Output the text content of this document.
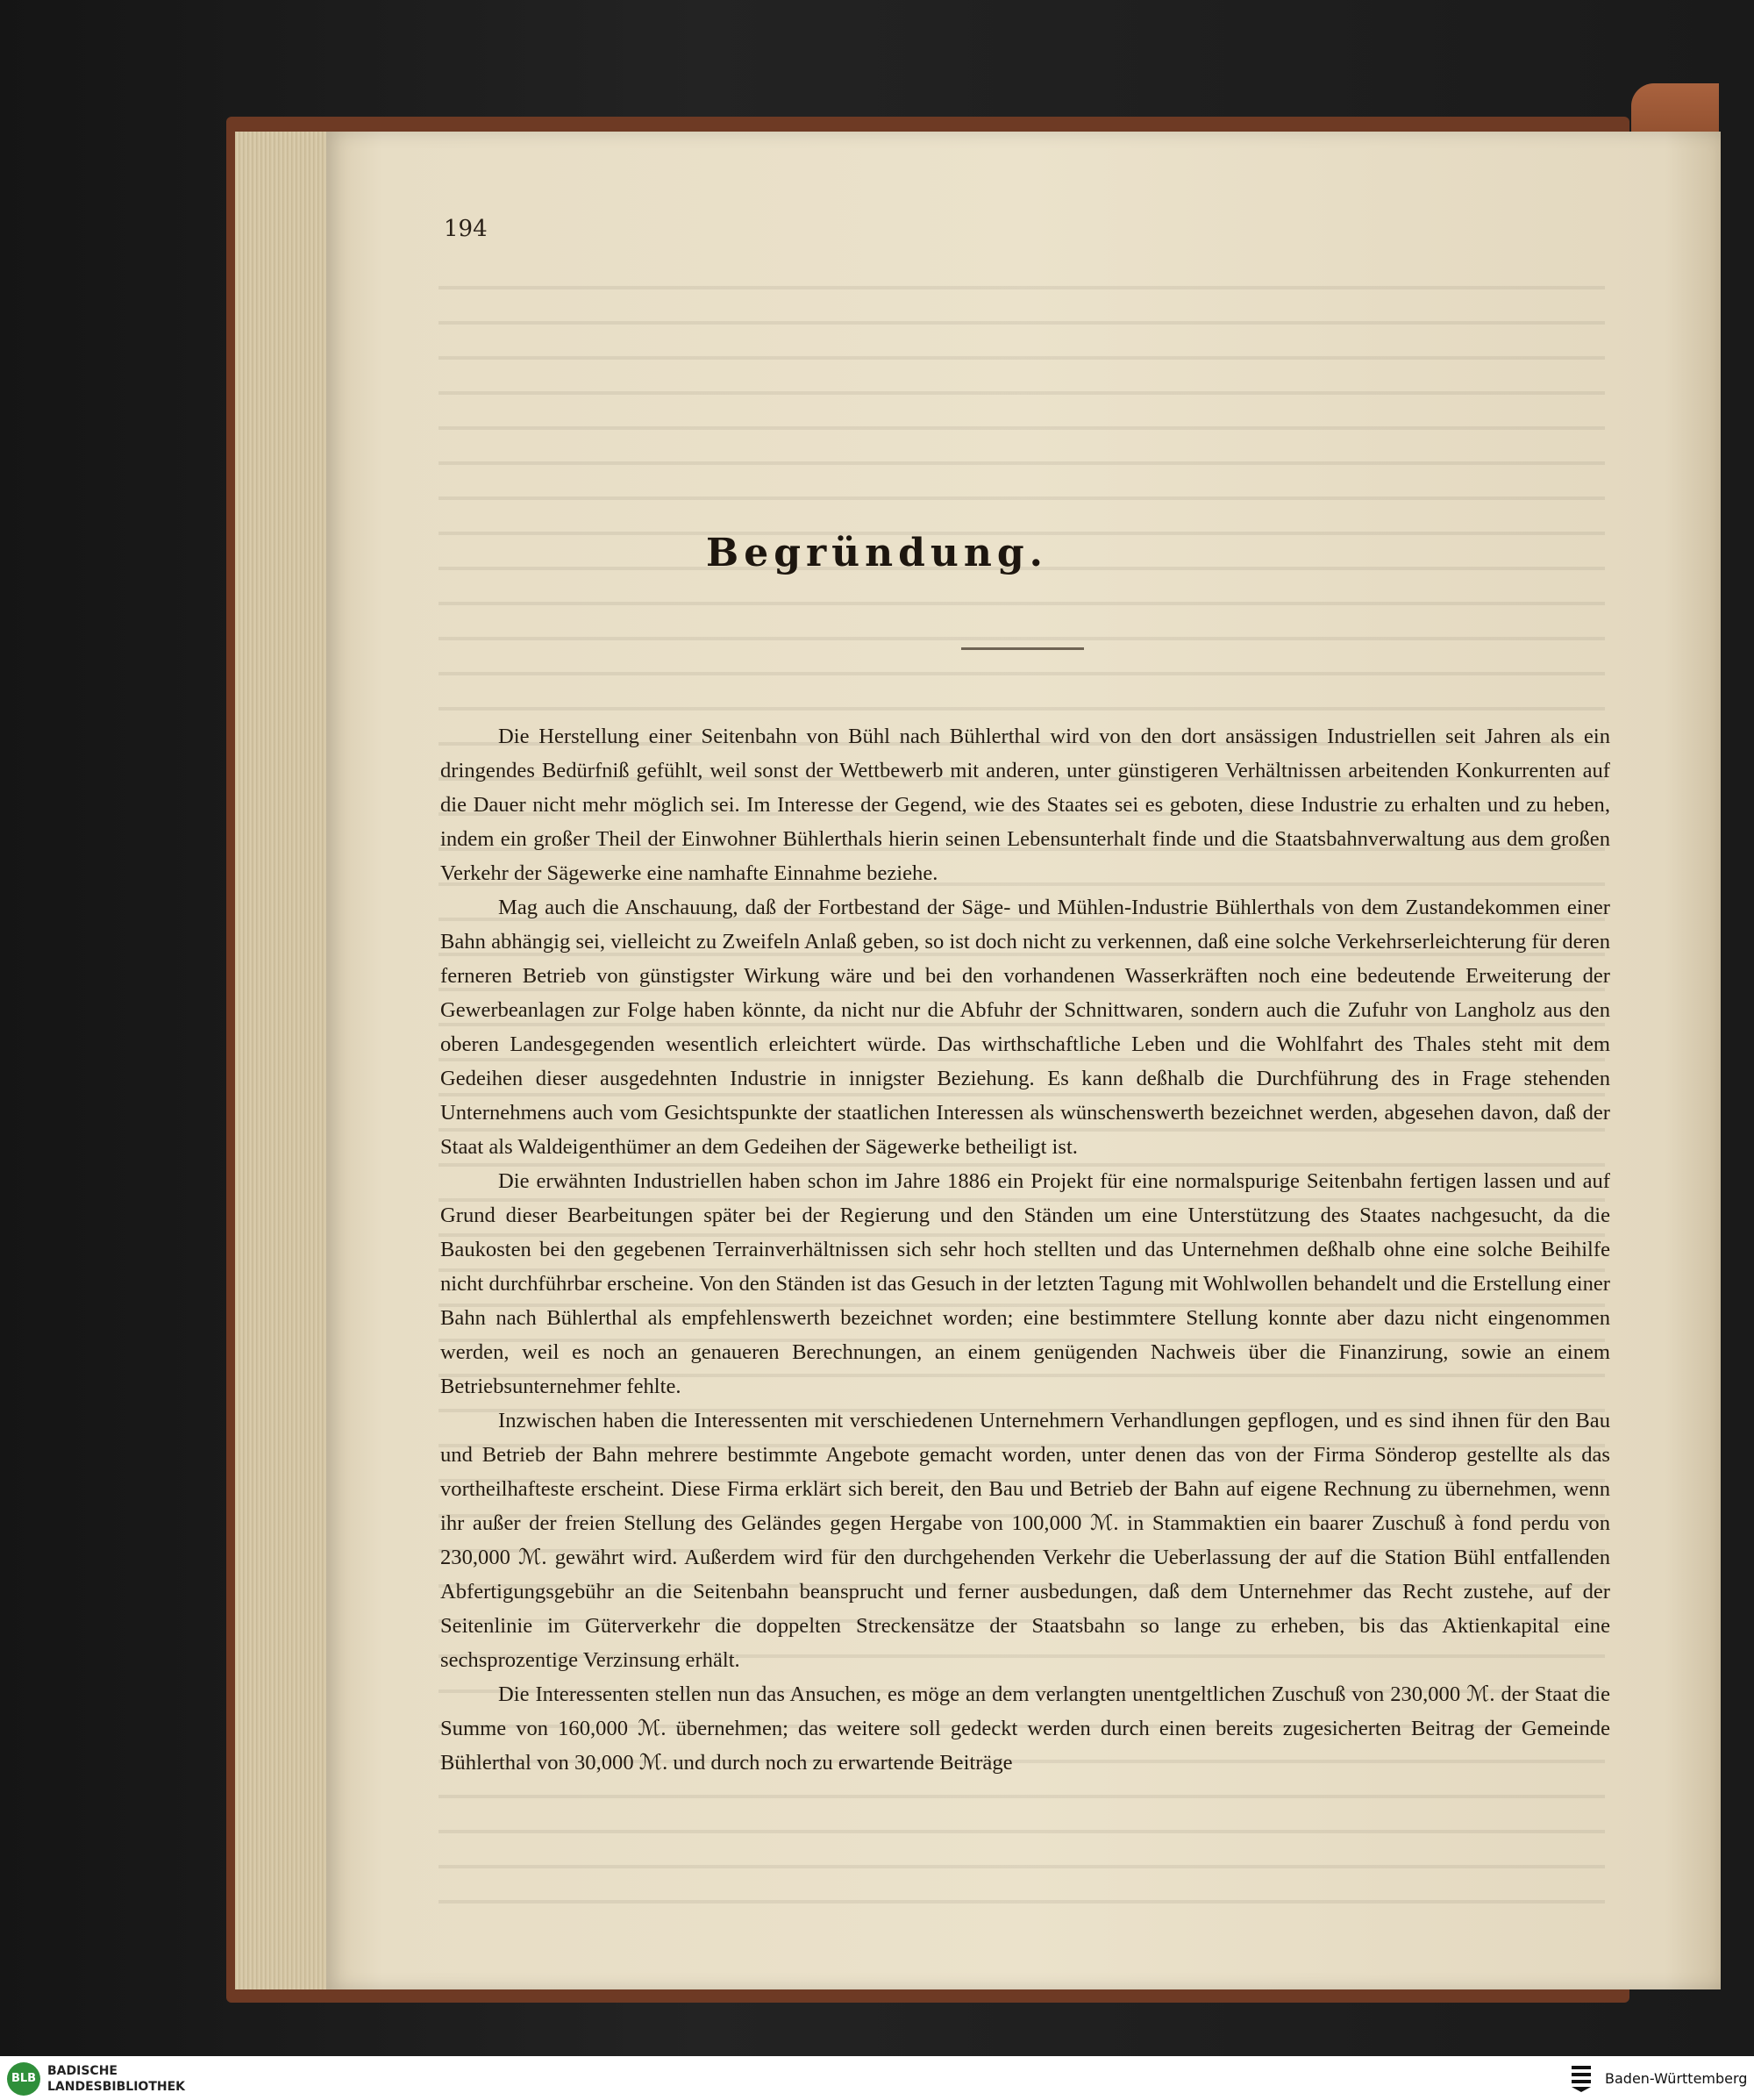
194
Begründung.

Die Herstellung einer Seitenbahn von Bühl nach Bühlerthal wird von den dort ansässigen Industriellen seit Jahren als ein dringendes Bedürfniß gefühlt, weil sonst der Wettbewerb mit anderen, unter günstigeren Verhältnissen arbeitenden Konkurrenten auf die Dauer nicht mehr möglich sei. Im Interesse der Gegend, wie des Staates sei es geboten, diese Industrie zu erhalten und zu heben, indem ein großer Theil der Einwohner Bühlerthals hierin seinen Lebensunterhalt finde und die Staatsbahnverwaltung aus dem großen Verkehr der Sägewerke eine namhafte Einnahme beziehe.

Mag auch die Anschauung, daß der Fortbestand der Säge- und Mühlen-Industrie Bühlerthals von dem Zustandekommen einer Bahn abhängig sei, vielleicht zu Zweifeln Anlaß geben, so ist doch nicht zu verkennen, daß eine solche Verkehrserleichterung für deren ferneren Betrieb von günstigster Wirkung wäre und bei den vorhandenen Wasserkräften noch eine bedeutende Erweiterung der Gewerbeanlagen zur Folge haben könnte, da nicht nur die Abfuhr der Schnittwaren, sondern auch die Zufuhr von Langholz aus den oberen Landesgegenden wesentlich erleichtert würde. Das wirthschaftliche Leben und die Wohlfahrt des Thales steht mit dem Gedeihen dieser ausgedehnten Industrie in innigster Beziehung. Es kann deßhalb die Durchführung des in Frage stehenden Unternehmens auch vom Gesichtspunkte der staatlichen Interessen als wünschenswerth bezeichnet werden, abgesehen davon, daß der Staat als Waldeigenthümer an dem Gedeihen der Sägewerke betheiligt ist.

Die erwähnten Industriellen haben schon im Jahre 1886 ein Projekt für eine normalspurige Seitenbahn fertigen lassen und auf Grund dieser Bearbeitungen später bei der Regierung und den Ständen um eine Unterstützung des Staates nachgesucht, da die Baukosten bei den gegebenen Terrainverhältnissen sich sehr hoch stellten und das Unternehmen deßhalb ohne eine solche Beihilfe nicht durchführbar erscheine. Von den Ständen ist das Gesuch in der letzten Tagung mit Wohlwollen behandelt und die Erstellung einer Bahn nach Bühlerthal als empfehlenswerth bezeichnet worden; eine bestimmtere Stellung konnte aber dazu nicht eingenommen werden, weil es noch an genaueren Berechnungen, an einem genügenden Nachweis über die Finanzirung, sowie an einem Betriebsunternehmer fehlte.

Inzwischen haben die Interessenten mit verschiedenen Unternehmern Verhandlungen gepflogen, und es sind ihnen für den Bau und Betrieb der Bahn mehrere bestimmte Angebote gemacht worden, unter denen das von der Firma Sönderop gestellte als das vortheilhafteste erscheint. Diese Firma erklärt sich bereit, den Bau und Betrieb der Bahn auf eigene Rechnung zu übernehmen, wenn ihr außer der freien Stellung des Geländes gegen Hergabe von 100,000 ℳ. in Stammaktien ein baarer Zuschuß à fond perdu von 230,000 ℳ. gewährt wird. Außerdem wird für den durchgehenden Verkehr die Ueberlassung der auf die Station Bühl entfallenden Abfertigungsgebühr an die Seitenbahn beansprucht und ferner ausbedungen, daß dem Unternehmer das Recht zustehe, auf der Seitenlinie im Güterverkehr die doppelten Streckensätze der Staatsbahn so lange zu erheben, bis das Aktienkapital eine sechsprozentige Verzinsung erhält.

Die Interessenten stellen nun das Ansuchen, es möge an dem verlangten unentgeltlichen Zuschuß von 230,000 ℳ. der Staat die Summe von 160,000 ℳ. übernehmen; das weitere soll gedeckt werden durch einen bereits zugesicherten Beitrag der Gemeinde Bühlerthal von 30,000 ℳ. und durch noch zu erwartende Beiträge

BLB
BADISCHE
LANDESBIBLIOTHEK	Baden-Württemberg
